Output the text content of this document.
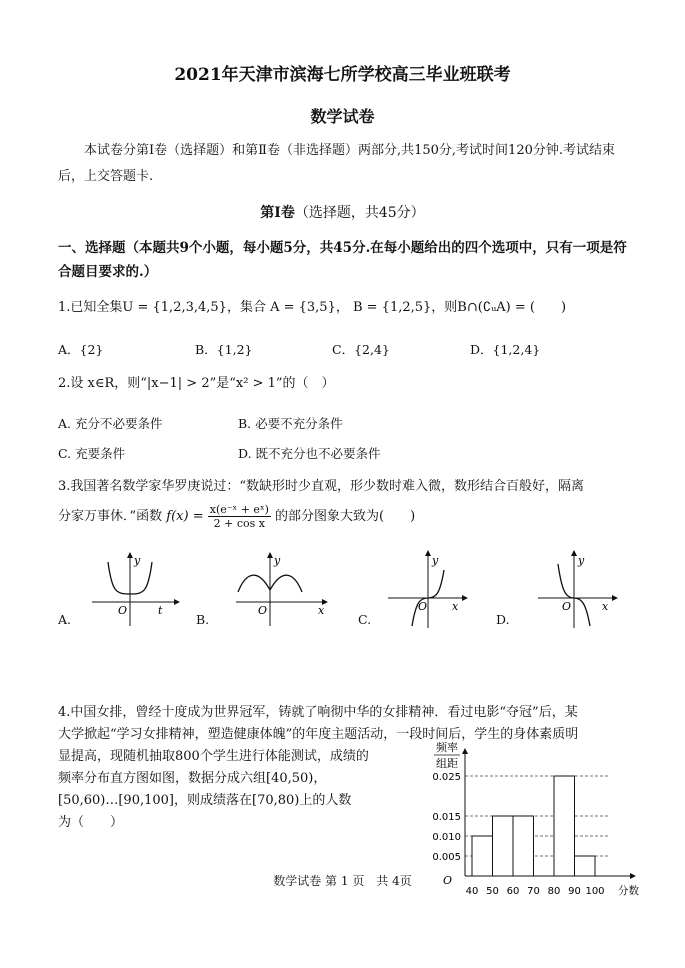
2021年天津市滨海七所学校高三毕业班联考
数学试卷
本试卷分第Ⅰ卷（选择题）和第Ⅱ卷（非选择题）两部分,共150分,考试时间120分钟.考试结束后，上交答题卡.
第Ⅰ卷（选择题，共45分）
一、选择题（本题共9个小题，每小题5分，共45分.在每小题给出的四个选项中，只有一项是符合题目要求的.）
1.已知全集U = {1,2,3,4,5}，集合 A = {3,5}， B = {1,2,5}，则B∩(∁ᵤA) = (　　)
A．{2}	B．{1,2}	C．{2,4}	D．{1,2,4}
2.设 x∈R，则“|x−1| > 2”是“x² > 1”的（　）
A. 充分不必要条件	B. 必要不充分条件
C. 充要条件	D. 既不充分也不必要条件
3.我国著名数学家华罗庚说过：“数缺形时少直观，形少数时难入微，数形结合百般好，隔离
分家万事休．”函数 $f(x) = \frac{\text{x(e⁻ˣ + eˣ)}}{\text{2 + cos x}}$ 的部分图象大致为(　　)
A.
y
O	t
B.
y
O	x
C.
y
O x
D.
y
O	x
4.中国女排，曾经十度成为世界冠军，铸就了响彻中华的女排精神．看过电影“夺冠”后，某
大学掀起“学习女排精神，塑造健康体魄”的年度主题活动，一段时间后，学生的身体素质明
显提高，现随机抽取800个学生进行体能测试，成绩的
频率分布直方图如图，数据分成六组[40,50)，
[50,60)…[90,100]，则成绩落在[70,80)上的人数
为（　　）
0.025
0.015
0.010
0.005
40 50 60 70 80 90 100
频率
组距
O
分数
数学试卷 第 1 页　共 4页
